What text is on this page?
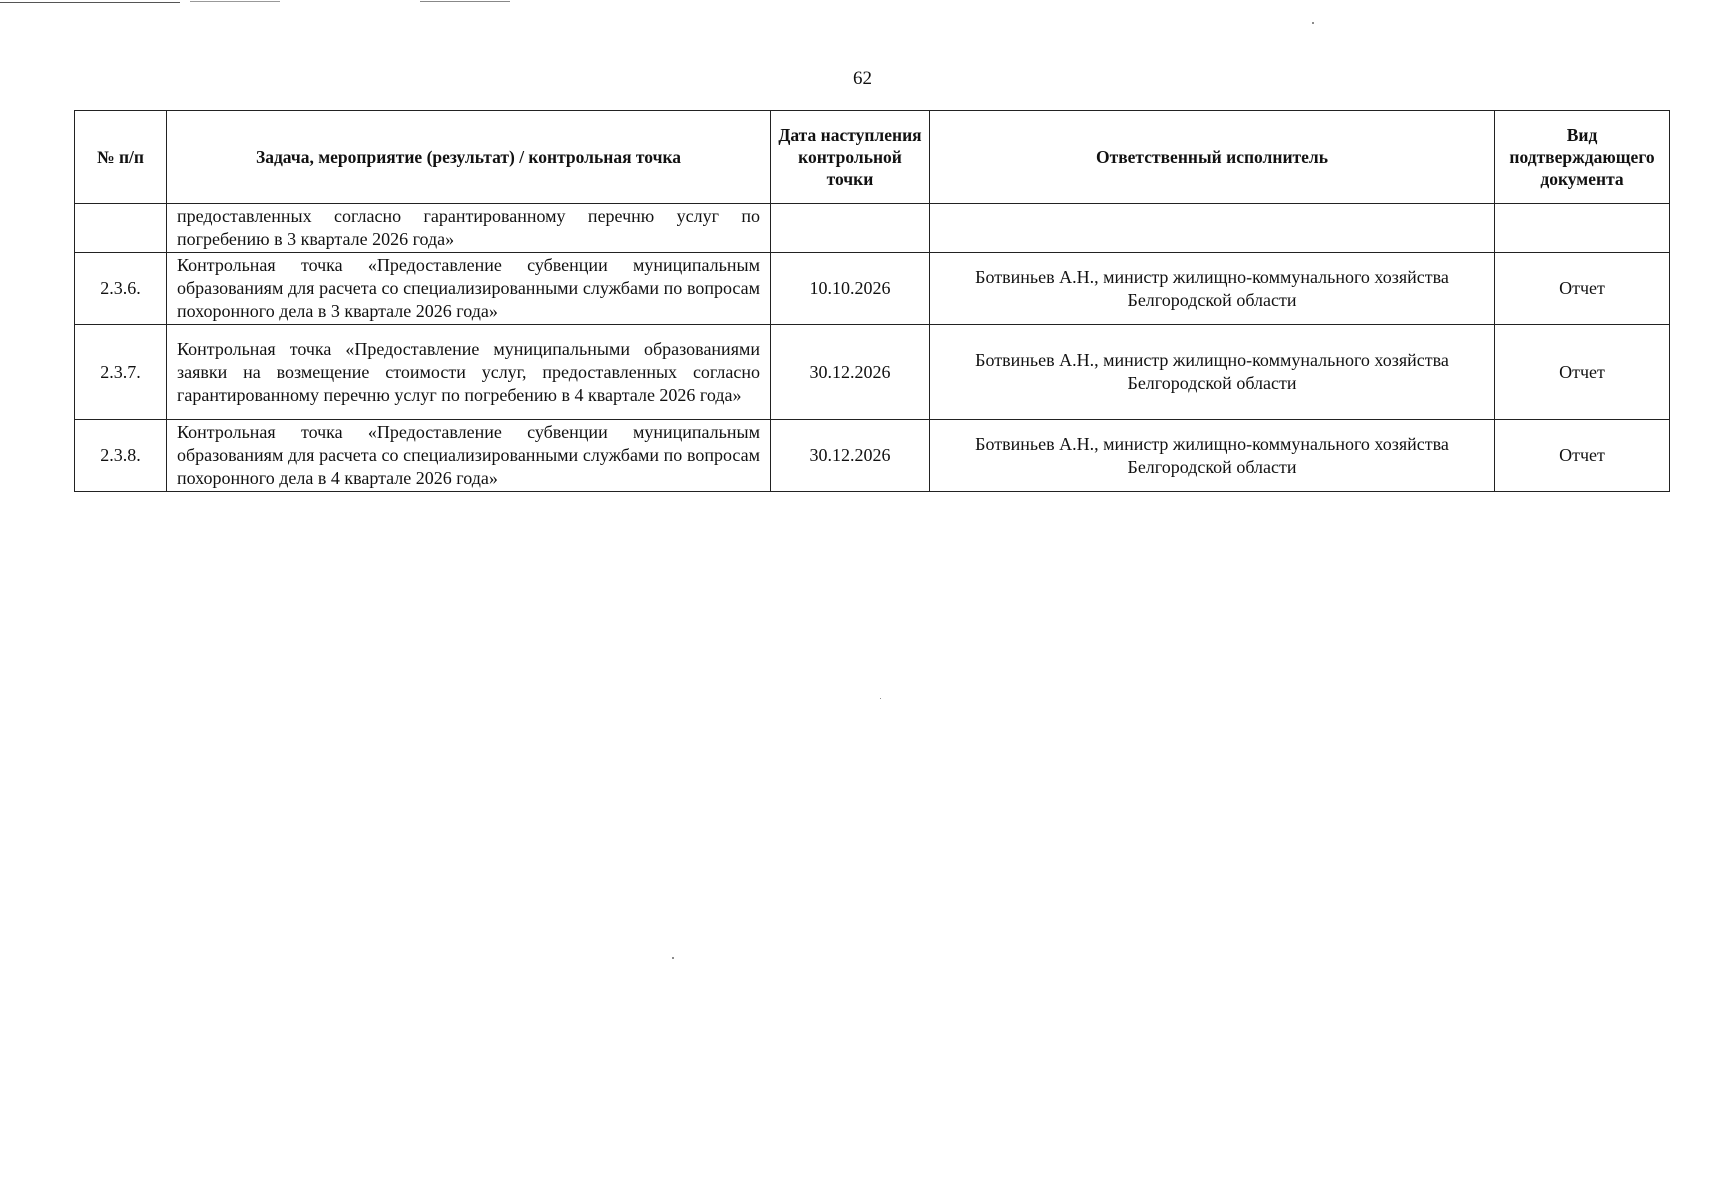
62
№ п/п	Задача, мероприятие (результат) / контрольная точка	Дата наступления контрольной точки	Ответственный исполнитель	Вид подтверждающего документа
	предоставленных согласно гарантированному перечню услуг по погребению в 3 квартале 2026 года»			
2.3.6.	Контрольная точка «Предоставление субвенции муниципальным образованиям для расчета со специализированными службами по вопросам похоронного дела в 3 квартале 2026 года»	10.10.2026	Ботвиньев А.Н., министр жилищно-коммунального хозяйства Белгородской области	Отчет
2.3.7.	Контрольная точка «Предоставление муниципальными образованиями заявки на возмещение стоимости услуг, предоставленных согласно гарантированному перечню услуг по погребению в 4 квартале 2026 года»	30.12.2026	Ботвиньев А.Н., министр жилищно-коммунального хозяйства Белгородской области	Отчет
2.3.8.	Контрольная точка «Предоставление субвенции муниципальным образованиям для расчета со специализированными службами по вопросам похоронного дела в 4 квартале 2026 года»	30.12.2026	Ботвиньев А.Н., министр жилищно-коммунального хозяйства Белгородской области	Отчет
